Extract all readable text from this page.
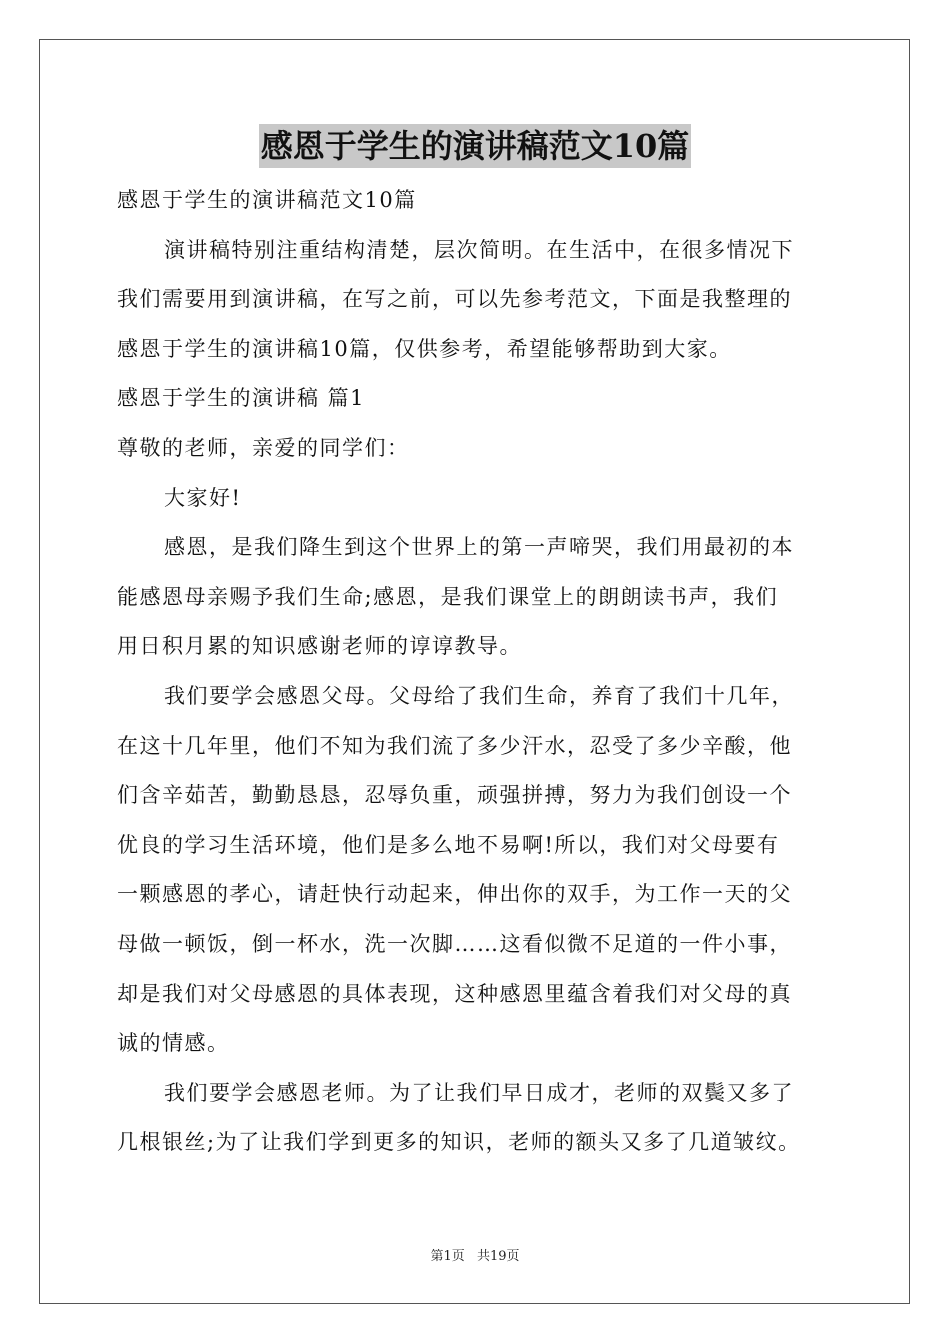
感恩于学生的演讲稿范文10篇
感恩于学生的演讲稿范文10篇
演讲稿特别注重结构清楚，层次简明。在生活中，在很多情况下
我们需要用到演讲稿，在写之前，可以先参考范文，下面是我整理的
感恩于学生的演讲稿10篇，仅供参考，希望能够帮助到大家。
感恩于学生的演讲稿 篇1
尊敬的老师，亲爱的同学们：
大家好!
感恩，是我们降生到这个世界上的第一声啼哭，我们用最初的本
能感恩母亲赐予我们生命;感恩，是我们课堂上的朗朗读书声，我们
用日积月累的知识感谢老师的谆谆教导。
我们要学会感恩父母。父母给了我们生命，养育了我们十几年，
在这十几年里，他们不知为我们流了多少汗水，忍受了多少辛酸，他
们含辛茹苦，勤勤恳恳，忍辱负重，顽强拼搏，努力为我们创设一个
优良的学习生活环境，他们是多么地不易啊!所以，我们对父母要有
一颗感恩的孝心，请赶快行动起来，伸出你的双手，为工作一天的父
母做一顿饭，倒一杯水，洗一次脚……这看似微不足道的一件小事，
却是我们对父母感恩的具体表现，这种感恩里蕴含着我们对父母的真
诚的情感。
我们要学会感恩老师。为了让我们早日成才，老师的双鬓又多了
几根银丝;为了让我们学到更多的知识，老师的额头又多了几道皱纹。
第1页 共19页
